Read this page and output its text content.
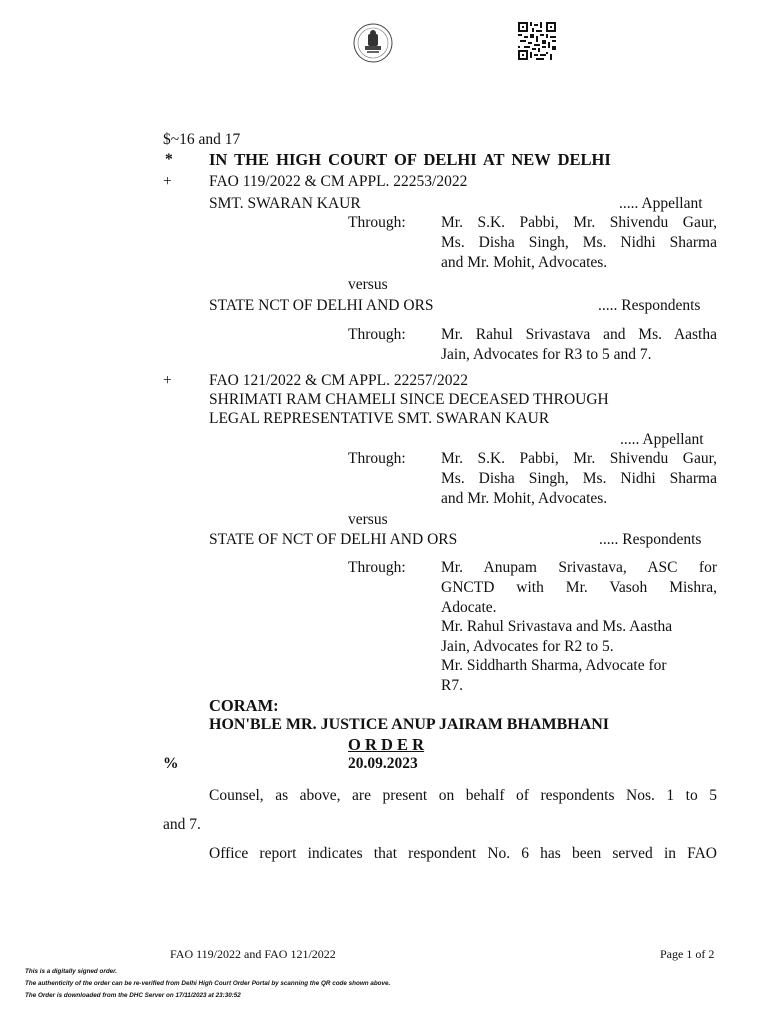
$~16 and 17
* IN THE HIGH COURT OF DELHI AT NEW DELHI
+ FAO 119/2022 & CM APPL. 22253/2022
SMT. SWARAN KAUR	..... Appellant
Through: Mr. S.K. Pabbi, Mr. Shivendu Gaur,
Ms. Disha Singh, Ms. Nidhi Sharma
and Mr. Mohit, Advocates.
versus
STATE NCT OF DELHI AND ORS	..... Respondents
Through: Mr. Rahul Srivastava and Ms. Aastha
Jain, Advocates for R3 to 5 and 7.
+ FAO 121/2022 & CM APPL. 22257/2022
SHRIMATI RAM CHAMELI SINCE DECEASED THROUGH
LEGAL REPRESENTATIVE SMT. SWARAN KAUR
..... Appellant
Through: Mr. S.K. Pabbi, Mr. Shivendu Gaur,
Ms. Disha Singh, Ms. Nidhi Sharma
and Mr. Mohit, Advocates.
versus
STATE OF NCT OF DELHI AND ORS	..... Respondents
Through: Mr. Anupam Srivastava, ASC for
GNCTD with Mr. Vasoh Mishra,
Adocate.
Mr. Rahul Srivastava and Ms. Aastha
Jain, Advocates for R2 to 5.
Mr. Siddharth Sharma, Advocate for
R7.
CORAM:
HON'BLE MR. JUSTICE ANUP JAIRAM BHAMBHANI
O R D E R
%	20.09.2023
Counsel, as above, are present on behalf of respondents Nos. 1 to 5
and 7.
Office report indicates that respondent No. 6 has been served in FAO
FAO 119/2022 and FAO 121/2022	Page 1 of 2
This is a digitally signed order.
The authenticity of the order can be re-verified from Delhi High Court Order Portal by scanning the QR code shown above.
The Order is downloaded from the DHC Server on 17/11/2023 at 23:30:52
